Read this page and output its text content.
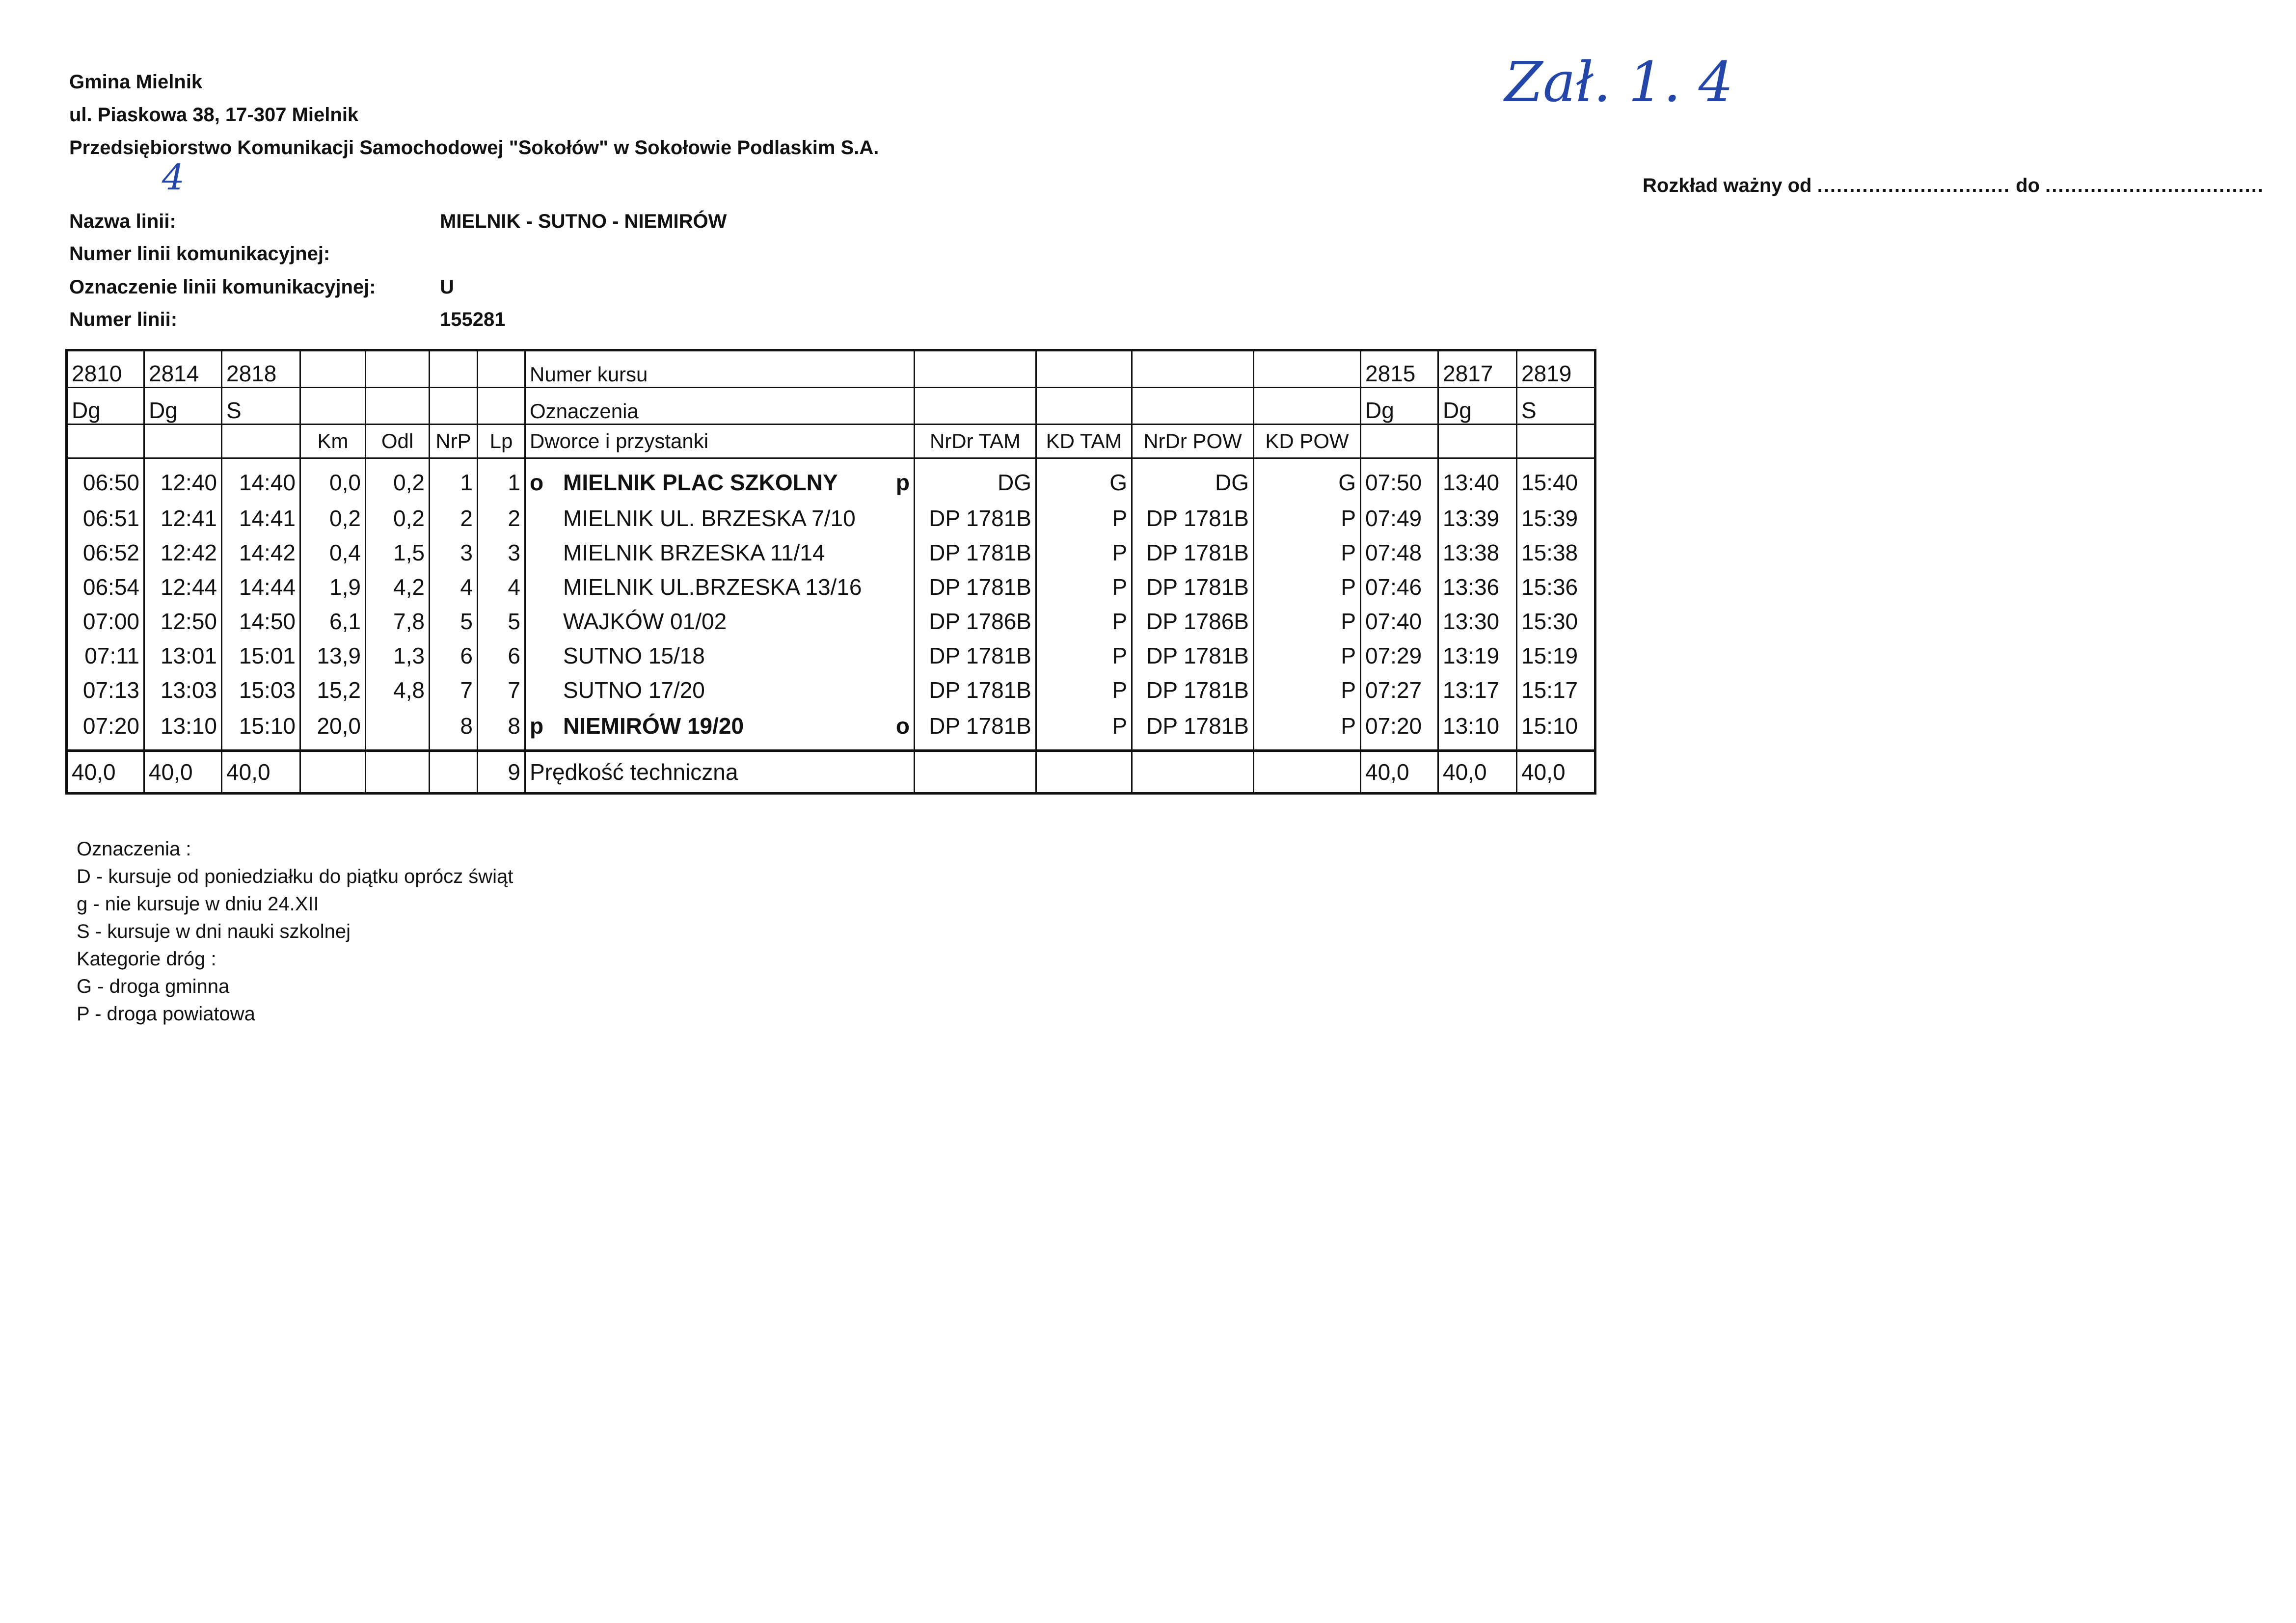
Gmina Mielnik
ul. Piaskowa 38, 17-307 Mielnik
Przedsiębiorstwo Komunikacji Samochodowej "Sokołów" w Sokołowie Podlaskim S.A.
Zał. 1. 4
4	Rozkład ważny od .............................. do ..................................
Nazwa linii:	MIELNIK - SUTNO - NIEMIRÓW
Numer linii komunikacyjnej:
Oznaczenie linii komunikacyjnej:	U
Numer linii:	155281
2810	2814	2818					Numer kursu					2815	2817	2819
Dg	Dg	S					Oznaczenia					Dg	Dg	S
			Km	Odl	NrP	Lp	Dworce i przystanki	NrDr TAM	KD TAM	NrDr POW	KD POW			
06:50	12:40	14:40	0,0	0,2	1	1	o MIELNIK PLAC SZKOLNY p	DG	G	DG	G	07:50	13:40	15:40
06:51	12:41	14:41	0,2	0,2	2	2	MIELNIK UL. BRZESKA 7/10	DP 1781B	P	DP 1781B	P	07:49	13:39	15:39
06:52	12:42	14:42	0,4	1,5	3	3	MIELNIK BRZESKA 11/14	DP 1781B	P	DP 1781B	P	07:48	13:38	15:38
06:54	12:44	14:44	1,9	4,2	4	4	MIELNIK UL.BRZESKA 13/16	DP 1781B	P	DP 1781B	P	07:46	13:36	15:36
07:00	12:50	14:50	6,1	7,8	5	5	WAJKÓW 01/02	DP 1786B	P	DP 1786B	P	07:40	13:30	15:30
07:11	13:01	15:01	13,9	1,3	6	6	SUTNO 15/18	DP 1781B	P	DP 1781B	P	07:29	13:19	15:19
07:13	13:03	15:03	15,2	4,8	7	7	SUTNO 17/20	DP 1781B	P	DP 1781B	P	07:27	13:17	15:17
07:20	13:10	15:10	20,0		8	8	p NIEMIRÓW 19/20 o	DP 1781B	P	DP 1781B	P	07:20	13:10	15:10
40,0	40,0	40,0				9	Prędkość techniczna					40,0	40,0	40,0
Oznaczenia :
D - kursuje od poniedziałku do piątku oprócz świąt
g - nie kursuje w dniu 24.XII
S - kursuje w dni nauki szkolnej
Kategorie dróg :
G - droga gminna
P - droga powiatowa
